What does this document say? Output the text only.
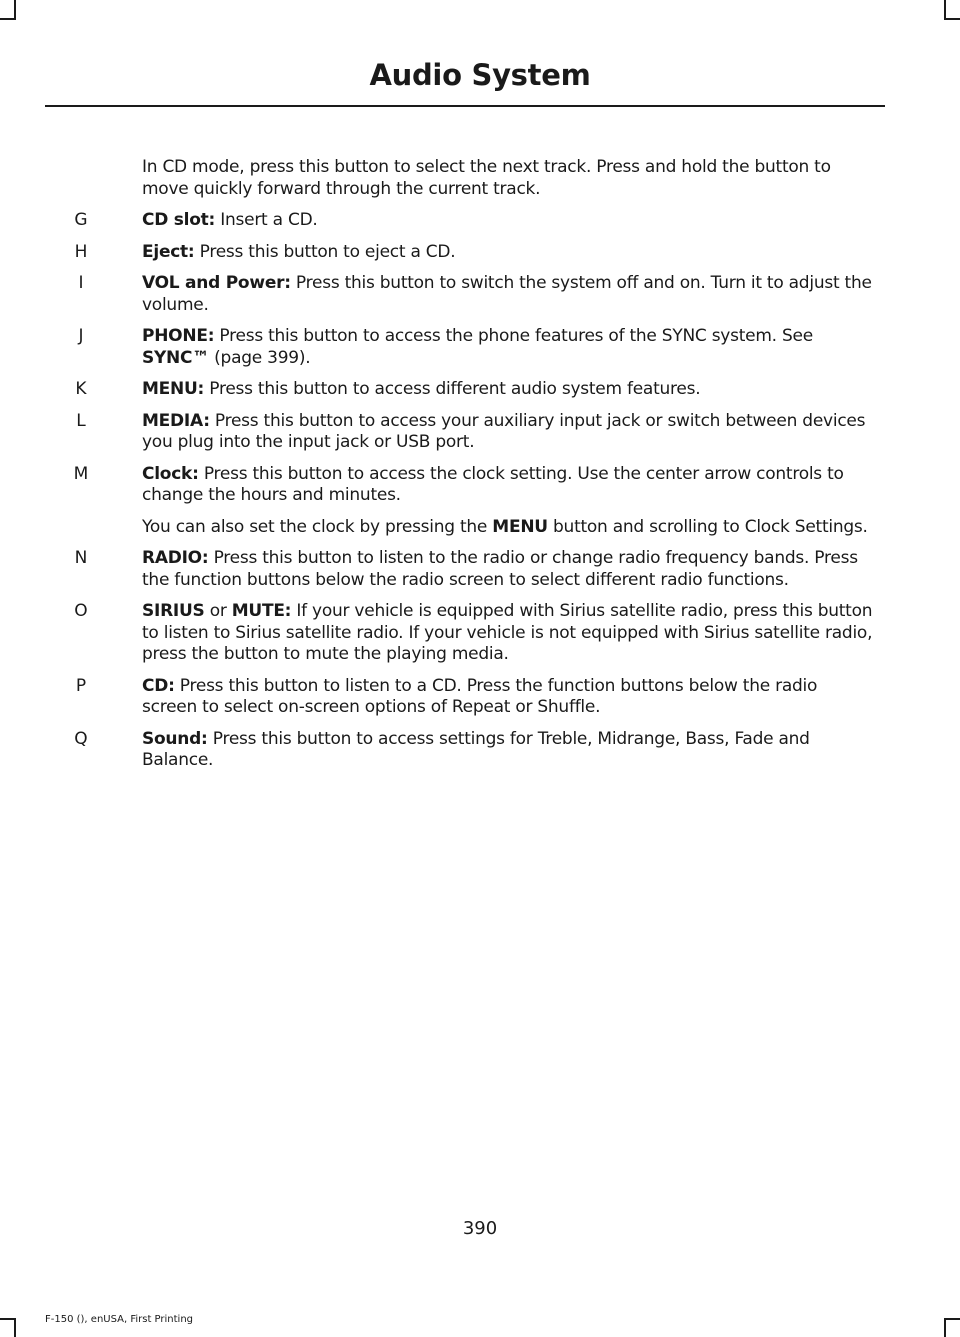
Audio System
In CD mode, press this button to select the next track. Press and hold the button to move quickly forward through the current track.
G	CD slot: Insert a CD.
H	Eject: Press this button to eject a CD.
I	VOL and Power: Press this button to switch the system off and on. Turn it to adjust the volume.
J	PHONE: Press this button to access the phone features of the SYNC system. See SYNC™ (page 399).
K	MENU: Press this button to access different audio system features.
L	MEDIA: Press this button to access your auxiliary input jack or switch between devices you plug into the input jack or USB port.
M	Clock: Press this button to access the clock setting. Use the center arrow controls to change the hours and minutes.
You can also set the clock by pressing the MENU button and scrolling to Clock Settings.
N	RADIO: Press this button to listen to the radio or change radio frequency bands. Press the function buttons below the radio screen to select different radio functions.
O	SIRIUS or MUTE: If your vehicle is equipped with Sirius satellite radio, press this button to listen to Sirius satellite radio. If your vehicle is not equipped with Sirius satellite radio, press the button to mute the playing media.
P	CD: Press this button to listen to a CD. Press the function buttons below the radio screen to select on-screen options of Repeat or Shuffle.
Q	Sound: Press this button to access settings for Treble, Midrange, Bass, Fade and Balance.
390
F-150 (), enUSA, First Printing
